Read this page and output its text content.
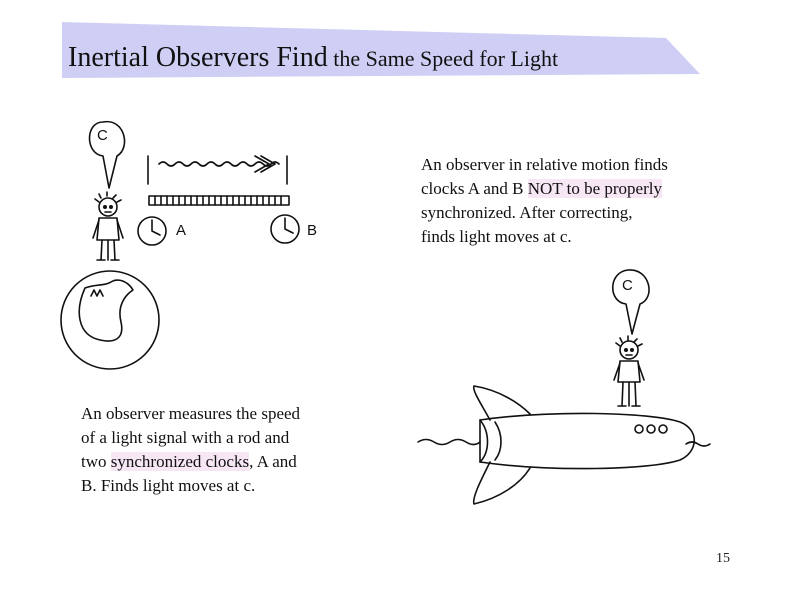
Inertial Observers Find the Same Speed for Light
C
A	B

An observer in relative motion finds
clocks A and B NOT to be properly
synchronized. After correcting,
finds light moves at c.

C

An observer measures the speed
of a light signal with a rod and
two synchronized clocks, A and
B. Finds light moves at c.

15
